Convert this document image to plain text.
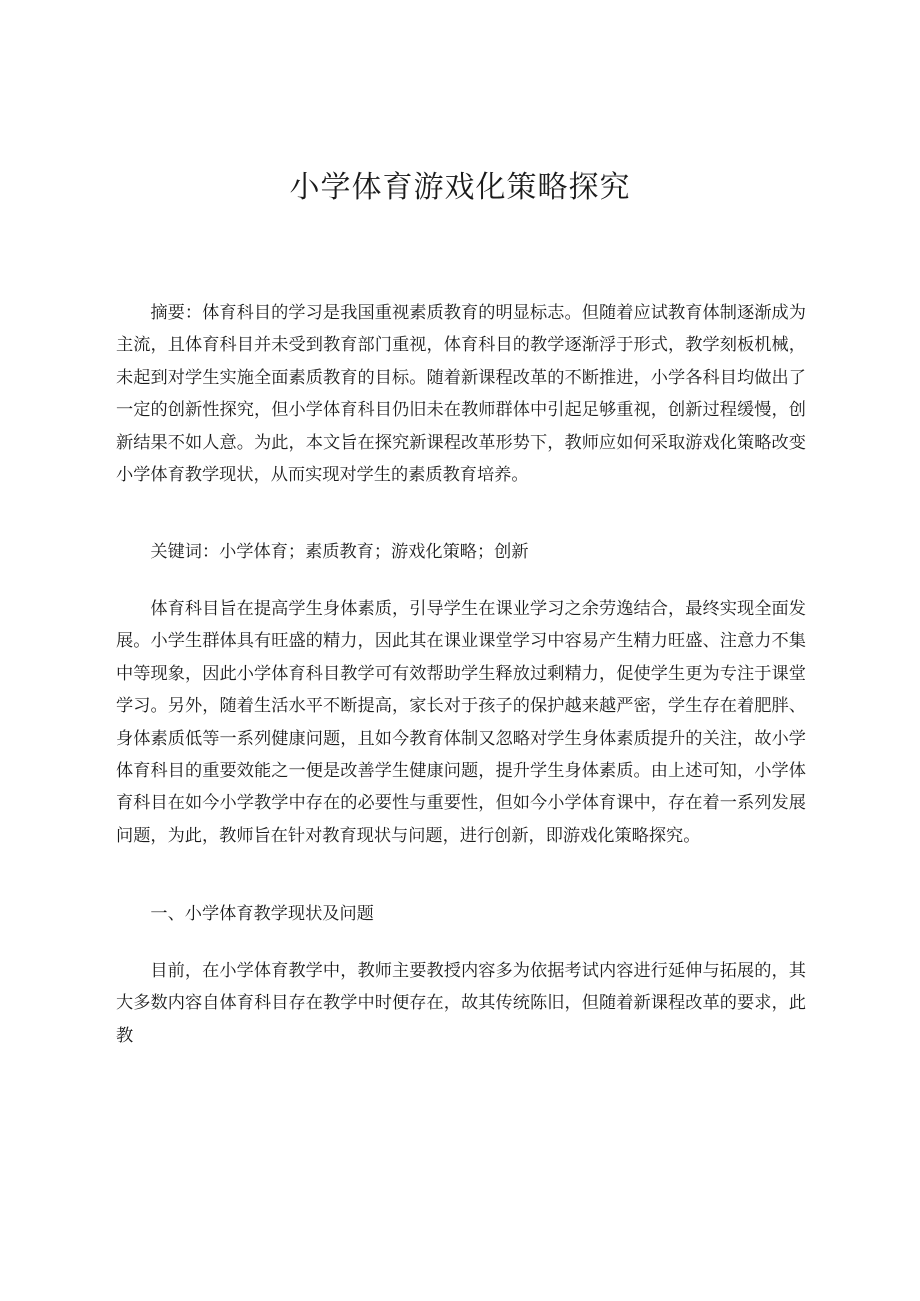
小学体育游戏化策略探究

摘要：体育科目的学习是我国重视素质教育的明显标志。但随着应试教育体制逐渐成为主流，且体育科目并未受到教育部门重视，体育科目的教学逐渐浮于形式，教学刻板机械，未起到对学生实施全面素质教育的目标。随着新课程改革的不断推进，小学各科目均做出了一定的创新性探究，但小学体育科目仍旧未在教师群体中引起足够重视，创新过程缓慢，创新结果不如人意。为此，本文旨在探究新课程改革形势下，教师应如何采取游戏化策略改变小学体育教学现状，从而实现对学生的素质教育培养。

关键词：小学体育；素质教育；游戏化策略；创新

体育科目旨在提高学生身体素质，引导学生在课业学习之余劳逸结合，最终实现全面发展。小学生群体具有旺盛的精力，因此其在课业课堂学习中容易产生精力旺盛、注意力不集中等现象，因此小学体育科目教学可有效帮助学生释放过剩精力，促使学生更为专注于课堂学习。另外，随着生活水平不断提高，家长对于孩子的保护越来越严密，学生存在着肥胖、身体素质低等一系列健康问题，且如今教育体制又忽略对学生身体素质提升的关注，故小学体育科目的重要效能之一便是改善学生健康问题，提升学生身体素质。由上述可知，小学体育科目在如今小学教学中存在的必要性与重要性，但如今小学体育课中，存在着一系列发展问题，为此，教师旨在针对教育现状与问题，进行创新，即游戏化策略探究。

一、小学体育教学现状及问题

目前，在小学体育教学中，教师主要教授内容多为依据考试内容进行延伸与拓展的，其大多数内容自体育科目存在教学中时便存在，故其传统陈旧，但随着新课程改革的要求，此教
